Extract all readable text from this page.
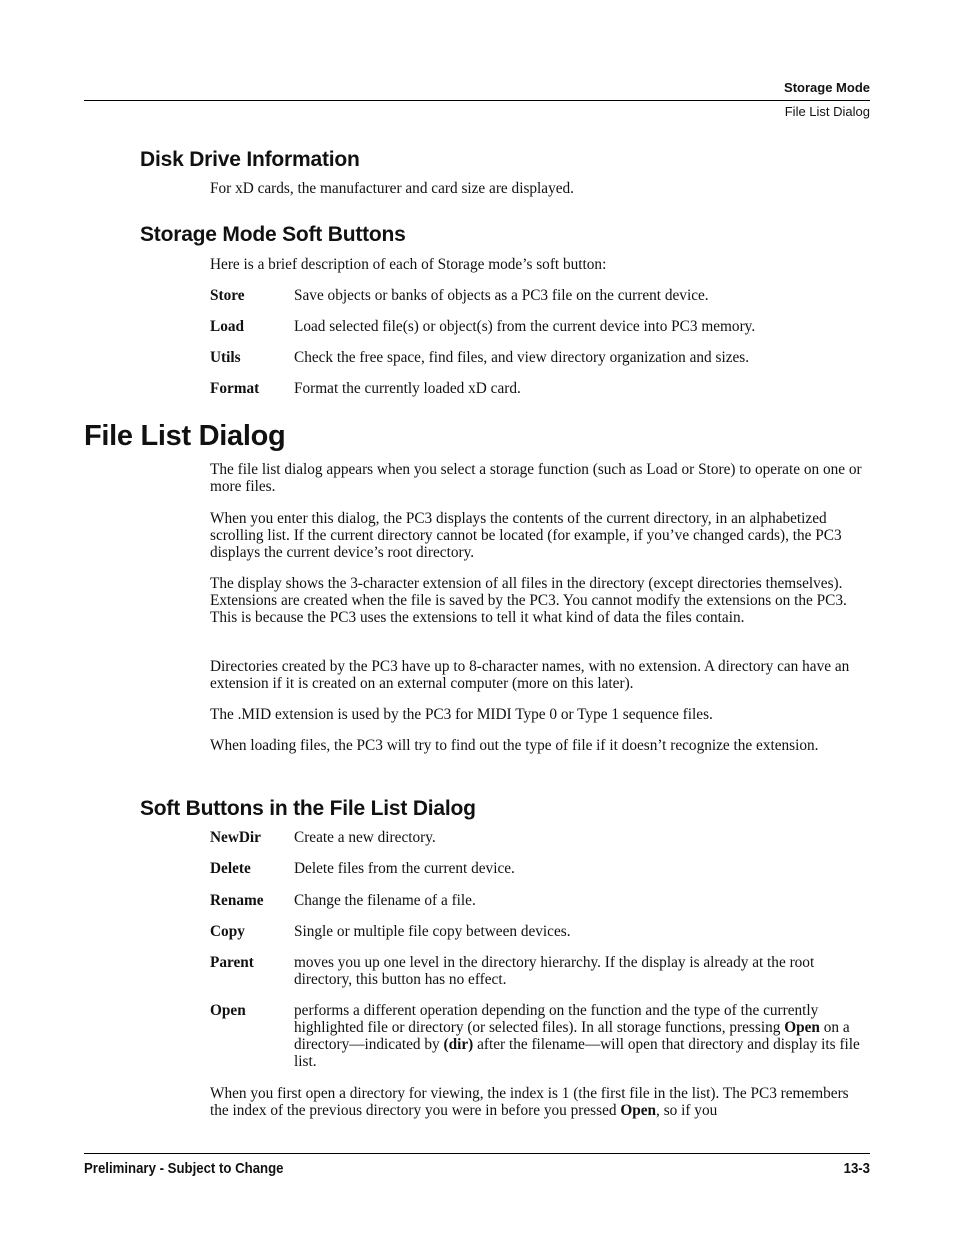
Storage Mode
File List Dialog
Disk Drive Information

For xD cards, the manufacturer and card size are displayed.

Storage Mode Soft Buttons

Here is a brief description of each of Storage mode’s soft button:

Store	Save objects or banks of objects as a PC3 file on the current device.
Load	Load selected file(s) or object(s) from the current device into PC3 memory.
Utils	Check the free space, find files, and view directory organization and sizes.
Format Format the currently loaded xD card.
File List Dialog

The file list dialog appears when you select a storage function (such as Load or Store) to operate on one or more files.

When you enter this dialog, the PC3 displays the contents of the current directory, in an alphabetized scrolling list. If the current directory cannot be located (for example, if you’ve changed cards), the PC3 displays the current device’s root directory.

The display shows the 3-character extension of all files in the directory (except directories themselves). Extensions are created when the file is saved by the PC3. You cannot modify the extensions on the PC3. This is because the PC3 uses the extensions to tell it what kind of data the files contain.

Directories created by the PC3 have up to 8-character names, with no extension. A directory can have an extension if it is created on an external computer (more on this later).

The .MID extension is used by the PC3 for MIDI Type 0 or Type 1 sequence files.

When loading files, the PC3 will try to find out the type of file if it doesn’t recognize the extension.

Soft Buttons in the File List Dialog
NewDir Create a new directory.
Delete	Delete files from the current device.
Rename Change the filename of a file.
Copy	Single or multiple file copy between devices.
Parent	moves you up one level in the directory hierarchy. If the display is already at the root directory, this button has no effect.
Open	performs a different operation depending on the function and the type of the currently highlighted file or directory (or selected files). In all storage functions, pressing Open on a directory—indicated by (dir) after the filename—will open that directory and display its file list.

When you first open a directory for viewing, the index is 1 (the first file in the list). The PC3 remembers the index of the previous directory you were in before you pressed Open, so if you

Preliminary - Subject to Change	13-3
